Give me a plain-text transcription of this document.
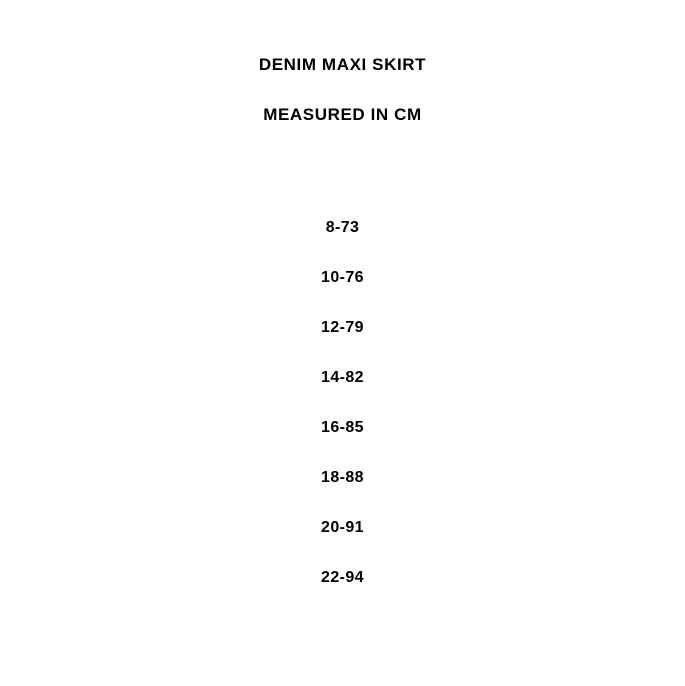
DENIM MAXI SKIRT
MEASURED IN CM
8-73
10-76
12-79
14-82
16-85
18-88
20-91
22-94
